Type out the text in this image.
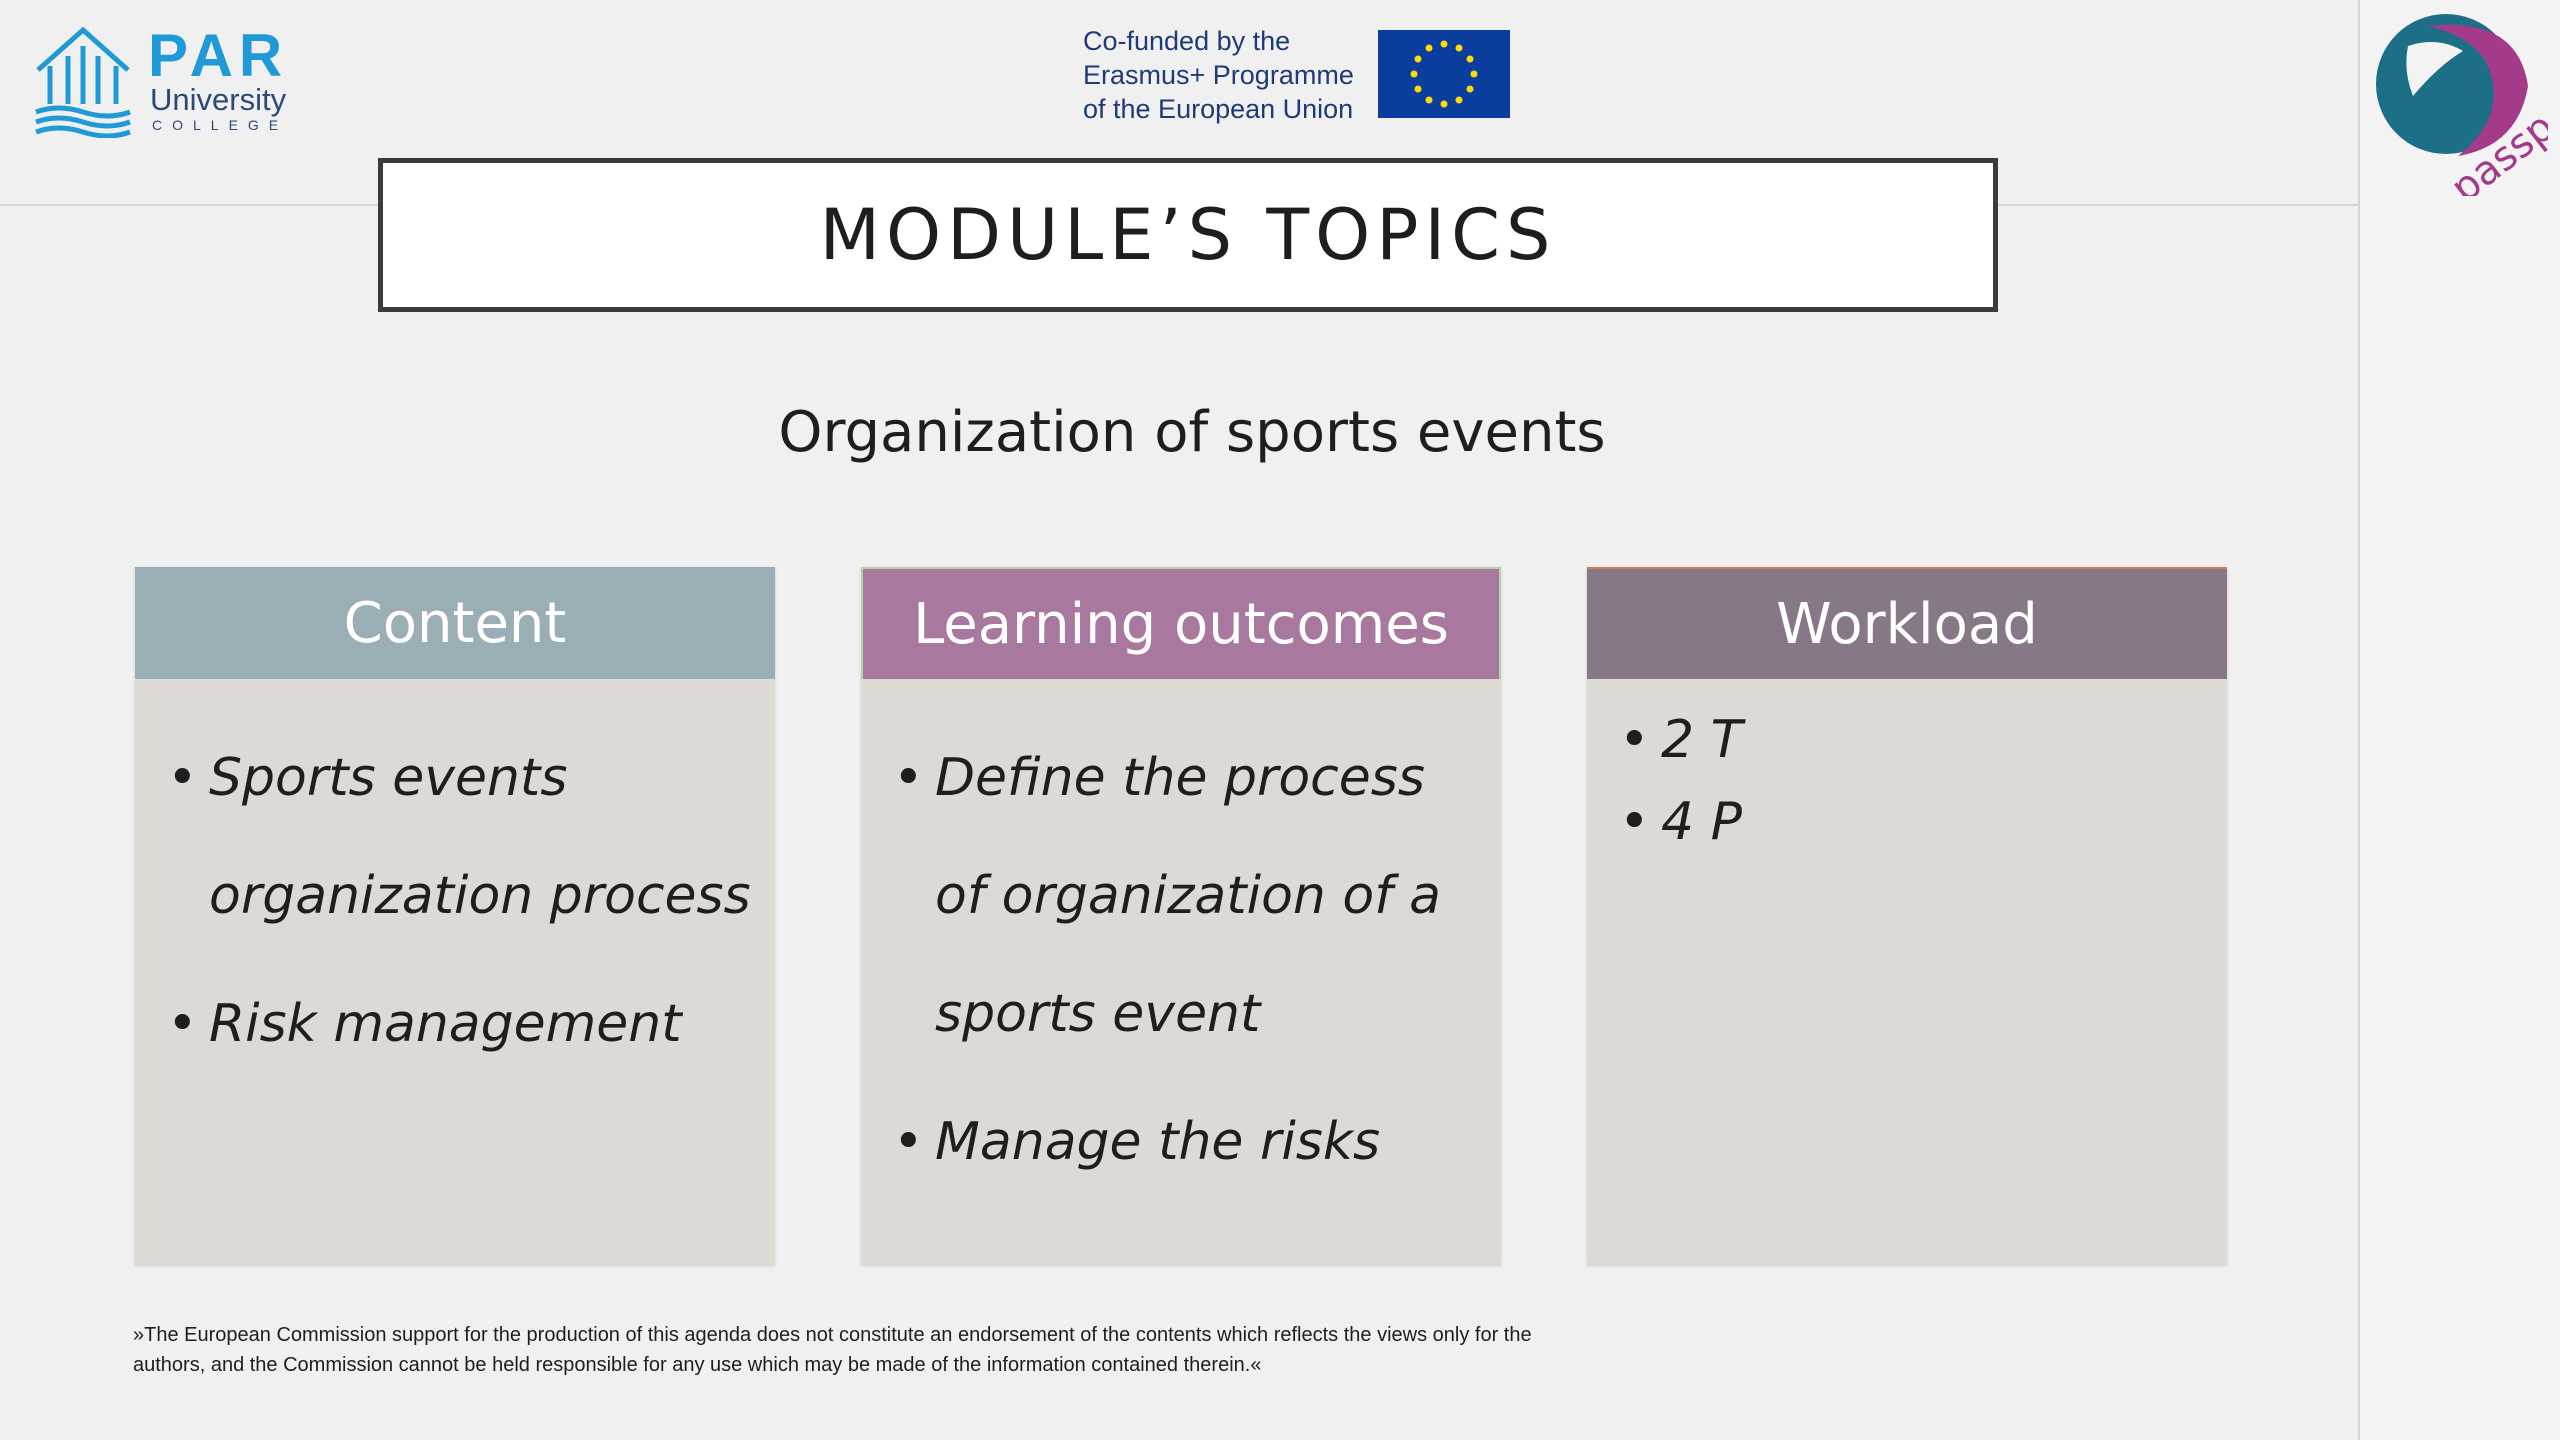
PAR
University
COLLEGE
Co-funded by the
Erasmus+ Programme
of the European Union
MODULE’S TOPICS
Organization of sports events
Content
• Sports events organization process
• Risk management
Learning outcomes
• Define the process of organization of a sports event
• Manage the risks
Workload
• 2 T
• 4 P
»The European Commission support for the production of this agenda does not constitute an endorsement of the contents which reflects the views only for the authors, and the Commission cannot be held responsible for any use which may be made of the information contained therein.«
